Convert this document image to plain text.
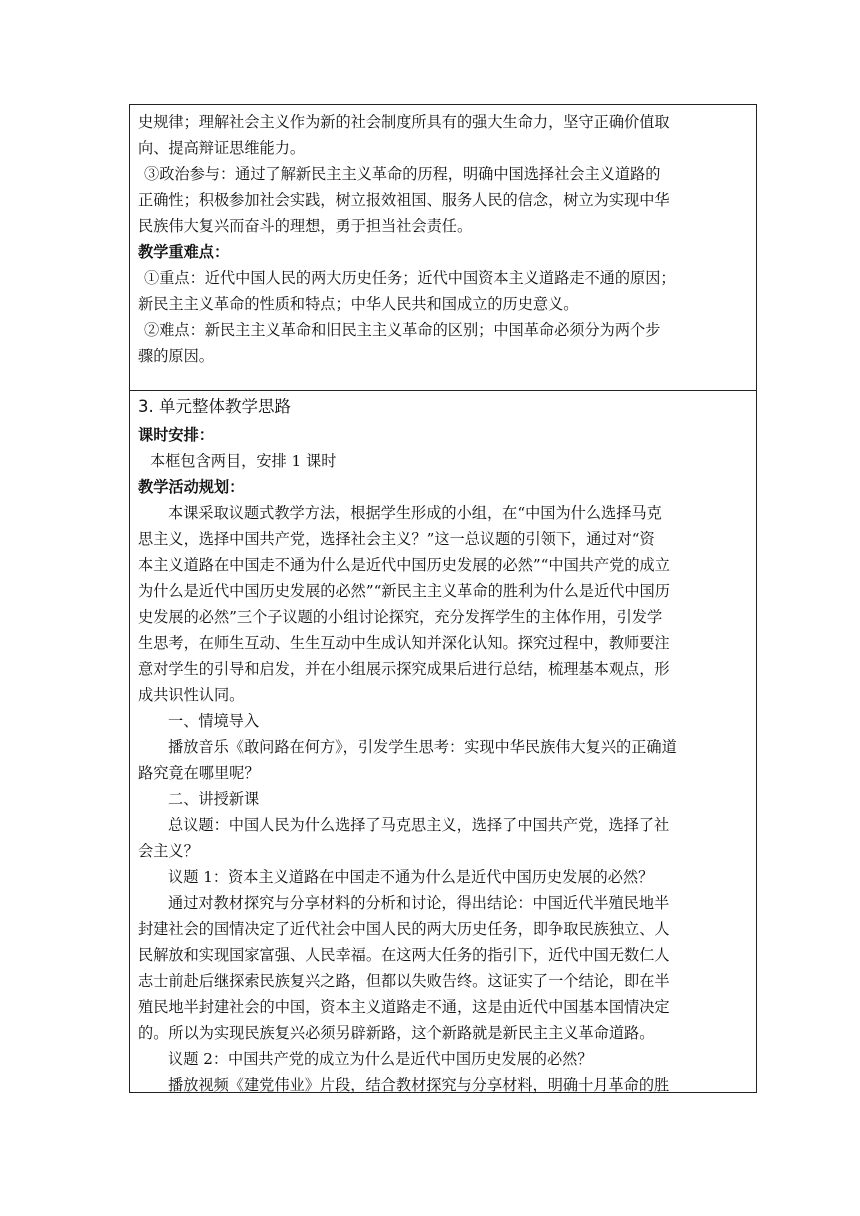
史规律；理解社会主义作为新的社会制度所具有的强大生命力，坚守正确价值取
向、提高辩证思维能力。
③政治参与：通过了解新民主主义革命的历程，明确中国选择社会主义道路的
正确性；积极参加社会实践，树立报效祖国、服务人民的信念，树立为实现中华
民族伟大复兴而奋斗的理想，勇于担当社会责任。
教学重难点：
①重点：近代中国人民的两大历史任务；近代中国资本主义道路走不通的原因；
新民主主义革命的性质和特点；中华人民共和国成立的历史意义。
②难点：新民主主义革命和旧民主主义革命的区别；中国革命必须分为两个步
骤的原因。
3. 单元整体教学思路
课时安排：
本框包含两目，安排 1 课时
教学活动规划：
本课采取议题式教学方法，根据学生形成的小组，在“中国为什么选择马克
思主义，选择中国共产党，选择社会主义？”这一总议题的引领下，通过对“资
本主义道路在中国走不通为什么是近代中国历史发展的必然”“中国共产党的成立
为什么是近代中国历史发展的必然”“新民主主义革命的胜利为什么是近代中国历
史发展的必然”三个子议题的小组讨论探究，充分发挥学生的主体作用，引发学
生思考，在师生互动、生生互动中生成认知并深化认知。探究过程中，教师要注
意对学生的引导和启发，并在小组展示探究成果后进行总结，梳理基本观点，形
成共识性认同。
一、情境导入
播放音乐《敢问路在何方》，引发学生思考：实现中华民族伟大复兴的正确道
路究竟在哪里呢？
二、讲授新课
总议题：中国人民为什么选择了马克思主义，选择了中国共产党，选择了社
会主义？
议题 1：资本主义道路在中国走不通为什么是近代中国历史发展的必然？
通过对教材探究与分享材料的分析和讨论，得出结论：中国近代半殖民地半
封建社会的国情决定了近代社会中国人民的两大历史任务，即争取民族独立、人
民解放和实现国家富强、人民幸福。在这两大任务的指引下，近代中国无数仁人
志士前赴后继探索民族复兴之路，但都以失败告终。这证实了一个结论，即在半
殖民地半封建社会的中国，资本主义道路走不通，这是由近代中国基本国情决定
的。所以为实现民族复兴必须另辟新路，这个新路就是新民主主义革命道路。
议题 2：中国共产党的成立为什么是近代中国历史发展的必然？
播放视频《建党伟业》片段，结合教材探究与分享材料，明确十月革命的胜
